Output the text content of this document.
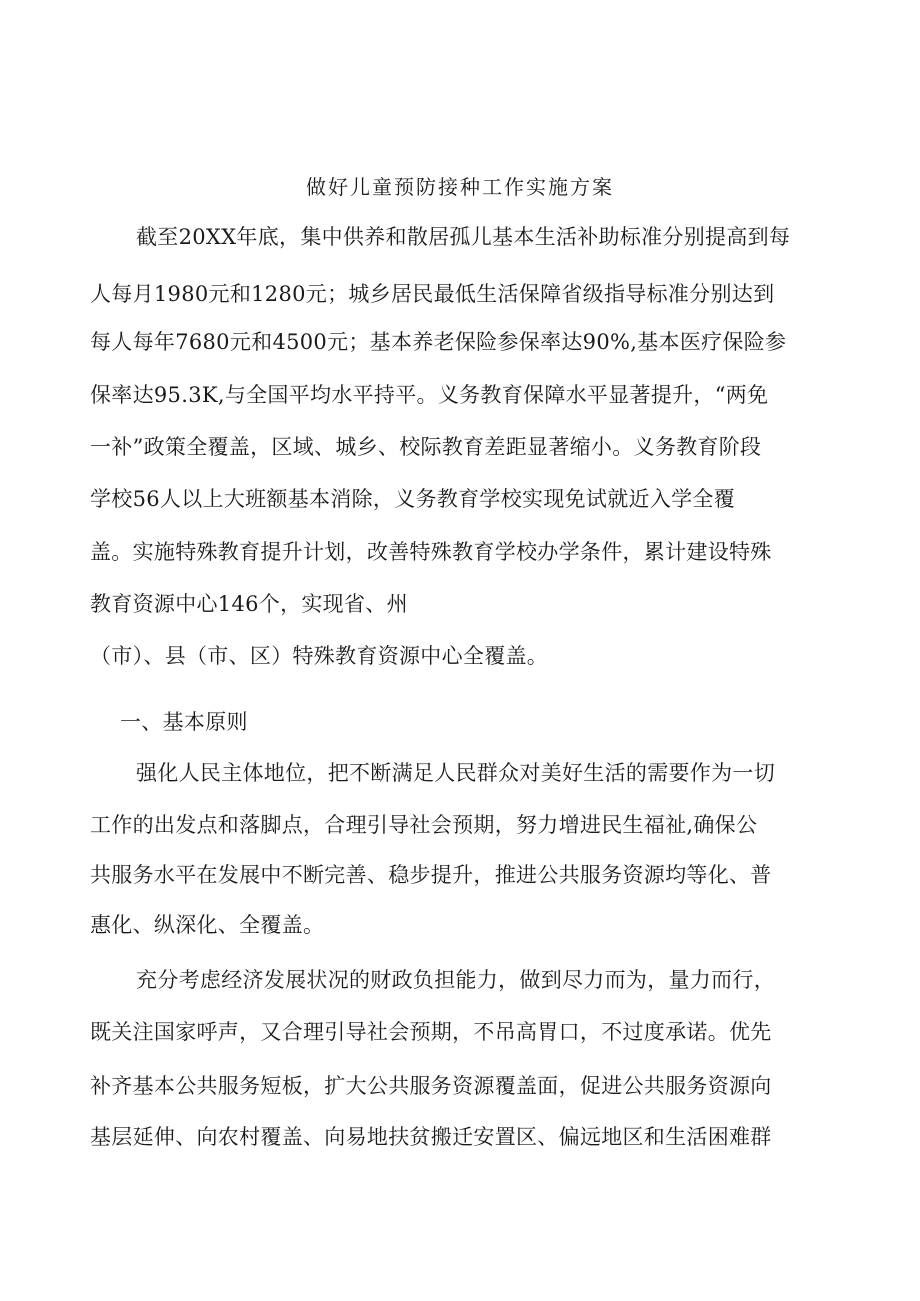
做好儿童预防接种工作实施方案
截至20XX年底，集中供养和散居孤儿基本生活补助标准分别提高到每
人每月1980元和1280元；城乡居民最低生活保障省级指导标准分别达到
每人每年7680元和4500元；基本养老保险参保率达90%,基本医疗保险参
保率达95.3K,与全国平均水平持平。义务教育保障水平显著提升，“两免
一补”政策全覆盖，区域、城乡、校际教育差距显著缩小。义务教育阶段
学校56人以上大班额基本消除，义务教育学校实现免试就近入学全覆
盖。实施特殊教育提升计划，改善特殊教育学校办学条件，累计建设特殊
教育资源中心146个，实现省、州
（市）、县（市、区）特殊教育资源中心全覆盖。
一、基本原则
强化人民主体地位，把不断满足人民群众对美好生活的需要作为一切
工作的出发点和落脚点，合理引导社会预期，努力增进民生福祉,确保公
共服务水平在发展中不断完善、稳步提升，推进公共服务资源均等化、普
惠化、纵深化、全覆盖。
充分考虑经济发展状况的财政负担能力，做到尽力而为，量力而行，
既关注国家呼声，又合理引导社会预期，不吊高胃口，不过度承诺。优先
补齐基本公共服务短板，扩大公共服务资源覆盖面，促进公共服务资源向
基层延伸、向农村覆盖、向易地扶贫搬迁安置区、偏远地区和生活困难群
